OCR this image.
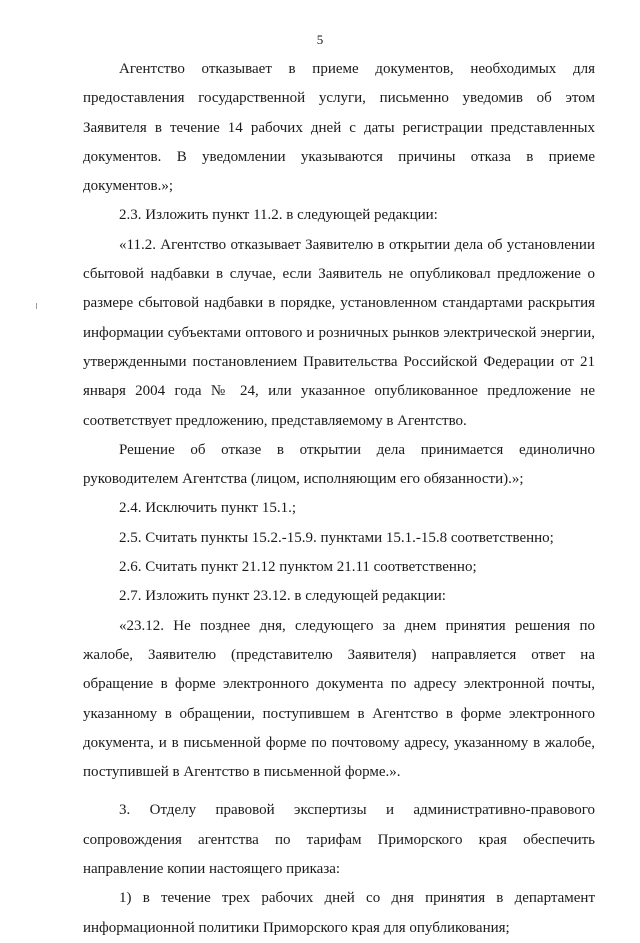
5

Агентство отказывает в приеме документов, необходимых для предоставления государственной услуги, письменно уведомив об этом Заявителя в течение 14 рабочих дней с даты регистрации представленных документов. В уведомлении указываются причины отказа в приеме документов.»;

2.3. Изложить пункт 11.2. в следующей редакции:

«11.2. Агентство отказывает Заявителю в открытии дела об установлении сбытовой надбавки в случае, если Заявитель не опубликовал предложение о размере сбытовой надбавки в порядке, установленном стандартами раскрытия информации субъектами оптового и розничных рынков электрической энергии, утвержденными постановлением Правительства Российской Федерации от 21 января 2004 года № 24, или указанное опубликованное предложение не соответствует предложению, представляемому в Агентство.

Решение об отказе в открытии дела принимается единолично руководителем Агентства (лицом, исполняющим его обязанности).»;

2.4. Исключить пункт 15.1.;

2.5. Считать пункты 15.2.-15.9. пунктами 15.1.-15.8 соответственно;

2.6. Считать пункт 21.12 пунктом 21.11 соответственно;

2.7. Изложить пункт 23.12. в следующей редакции:

«23.12. Не позднее дня, следующего за днем принятия решения по жалобе, Заявителю (представителю Заявителя) направляется ответ на обращение в форме электронного документа по адресу электронной почты, указанному в обращении, поступившем в Агентство в форме электронного документа, и в письменной форме по почтовому адресу, указанному в жалобе, поступившей в Агентство в письменной форме.».

3. Отделу правовой экспертизы и административно-правового сопровождения агентства по тарифам Приморского края обеспечить направление копии настоящего приказа:

1) в течение трех рабочих дней со дня принятия в департамент информационной политики Приморского края для опубликования;
